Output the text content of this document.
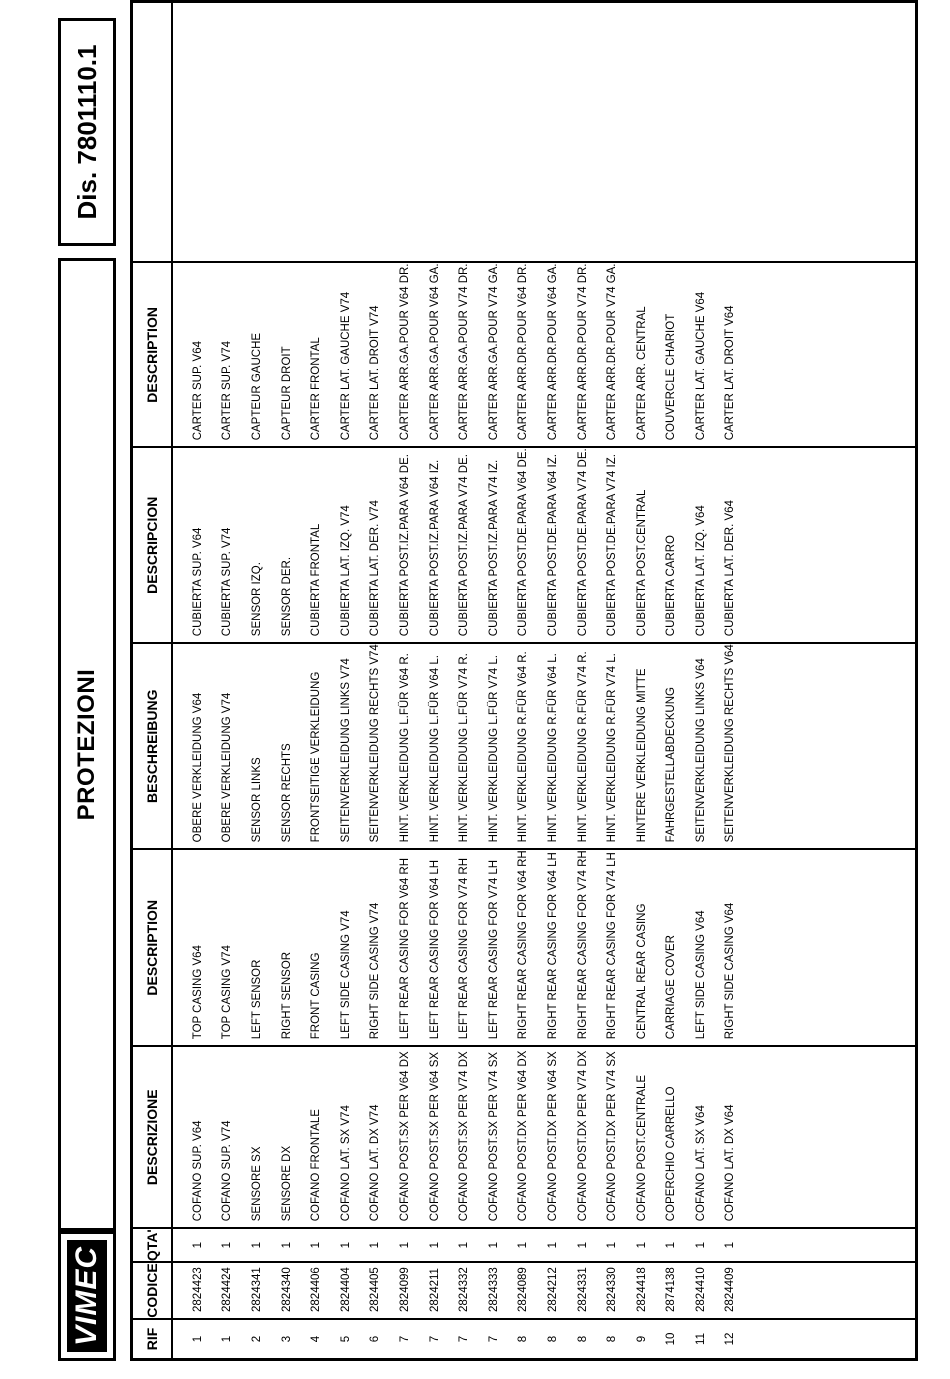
VIMEC
PROTEZIONI
Dis. 7801110.1
RIF	CODICE	QTA'	DESCRIZIONE	DESCRIPTION	BESCHREIBUNG	DESCRIPCION	DESCRIPTION	
1	2824423	1	COFANO SUP. V64	TOP CASING V64	OBERE VERKLEIDUNG V64	CUBIERTA SUP. V64	CARTER SUP. V64	
1	2824424	1	COFANO SUP. V74	TOP CASING V74	OBERE VERKLEIDUNG V74	CUBIERTA SUP. V74	CARTER SUP. V74	
2	2824341	1	SENSORE SX	LEFT SENSOR	SENSOR LINKS	SENSOR IZQ.	CAPTEUR GAUCHE	
3	2824340	1	SENSORE DX	RIGHT SENSOR	SENSOR RECHTS	SENSOR DER.	CAPTEUR DROIT	
4	2824406	1	COFANO FRONTALE	FRONT CASING	FRONTSEITIGE VERKLEIDUNG	CUBIERTA FRONTAL	CARTER FRONTAL	
5	2824404	1	COFANO LAT. SX V74	LEFT SIDE CASING V74	SEITENVERKLEIDUNG LINKS V74	CUBIERTA LAT. IZQ. V74	CARTER LAT. GAUCHE V74	
6	2824405	1	COFANO LAT. DX V74	RIGHT SIDE CASING V74	SEITENVERKLEIDUNG RECHTS V74	CUBIERTA LAT. DER. V74	CARTER LAT. DROIT V74	
7	2824099	1	COFANO POST.SX PER V64 DX	LEFT REAR CASING FOR V64 RH	HINT. VERKLEIDUNG L.FÜR V64 R.	CUBIERTA POST.IZ.PARA V64 DE.	CARTER ARR.GA.POUR V64 DR.	
7	2824211	1	COFANO POST.SX PER V64 SX	LEFT REAR CASING FOR V64 LH	HINT. VERKLEIDUNG L.FÜR V64 L.	CUBIERTA POST.IZ.PARA V64 IZ.	CARTER ARR.GA.POUR V64 GA.	
7	2824332	1	COFANO POST.SX PER V74 DX	LEFT REAR CASING FOR V74 RH	HINT. VERKLEIDUNG L.FÜR V74 R.	CUBIERTA POST.IZ.PARA V74 DE.	CARTER ARR.GA.POUR V74 DR.	
7	2824333	1	COFANO POST.SX PER V74 SX	LEFT REAR CASING FOR V74 LH	HINT. VERKLEIDUNG L.FÜR V74 L.	CUBIERTA POST.IZ.PARA V74 IZ.	CARTER ARR.GA.POUR V74 GA.	
8	2824089	1	COFANO POST.DX PER V64 DX	RIGHT REAR CASING FOR V64 RH	HINT. VERKLEIDUNG R.FÜR V64 R.	CUBIERTA POST.DE.PARA V64 DE.	CARTER ARR.DR.POUR V64 DR.	
8	2824212	1	COFANO POST.DX PER V64 SX	RIGHT REAR CASING FOR V64 LH	HINT. VERKLEIDUNG R.FÜR V64 L.	CUBIERTA POST.DE.PARA V64 IZ.	CARTER ARR.DR.POUR V64 GA.	
8	2824331	1	COFANO POST.DX PER V74 DX	RIGHT REAR CASING FOR V74 RH	HINT. VERKLEIDUNG R.FÜR V74 R.	CUBIERTA POST.DE.PARA V74 DE.	CARTER ARR.DR.POUR V74 DR.	
8	2824330	1	COFANO POST.DX PER V74 SX	RIGHT REAR CASING FOR V74 LH	HINT. VERKLEIDUNG R.FÜR V74 L.	CUBIERTA POST.DE.PARA V74 IZ.	CARTER ARR.DR.POUR V74 GA.	
9	2824418	1	COFANO POST.CENTRALE	CENTRAL REAR CASING	HINTERE VERKLEIDUNG MITTE	CUBIERTA POST.CENTRAL	CARTER ARR. CENTRAL	
10	2874138	1	COPERCHIO CARRELLO	CARRIAGE COVER	FAHRGESTELLABDECKUNG	CUBIERTA CARRO	COUVERCLE CHARIOT	
11	2824410	1	COFANO LAT. SX V64	LEFT SIDE CASING V64	SEITENVERKLEIDUNG LINKS V64	CUBIERTA LAT. IZQ. V64	CARTER LAT. GAUCHE V64	
12	2824409	1	COFANO LAT. DX V64	RIGHT SIDE CASING V64	SEITENVERKLEIDUNG RECHTS V64	CUBIERTA LAT. DER. V64	CARTER LAT. DROIT V64	
